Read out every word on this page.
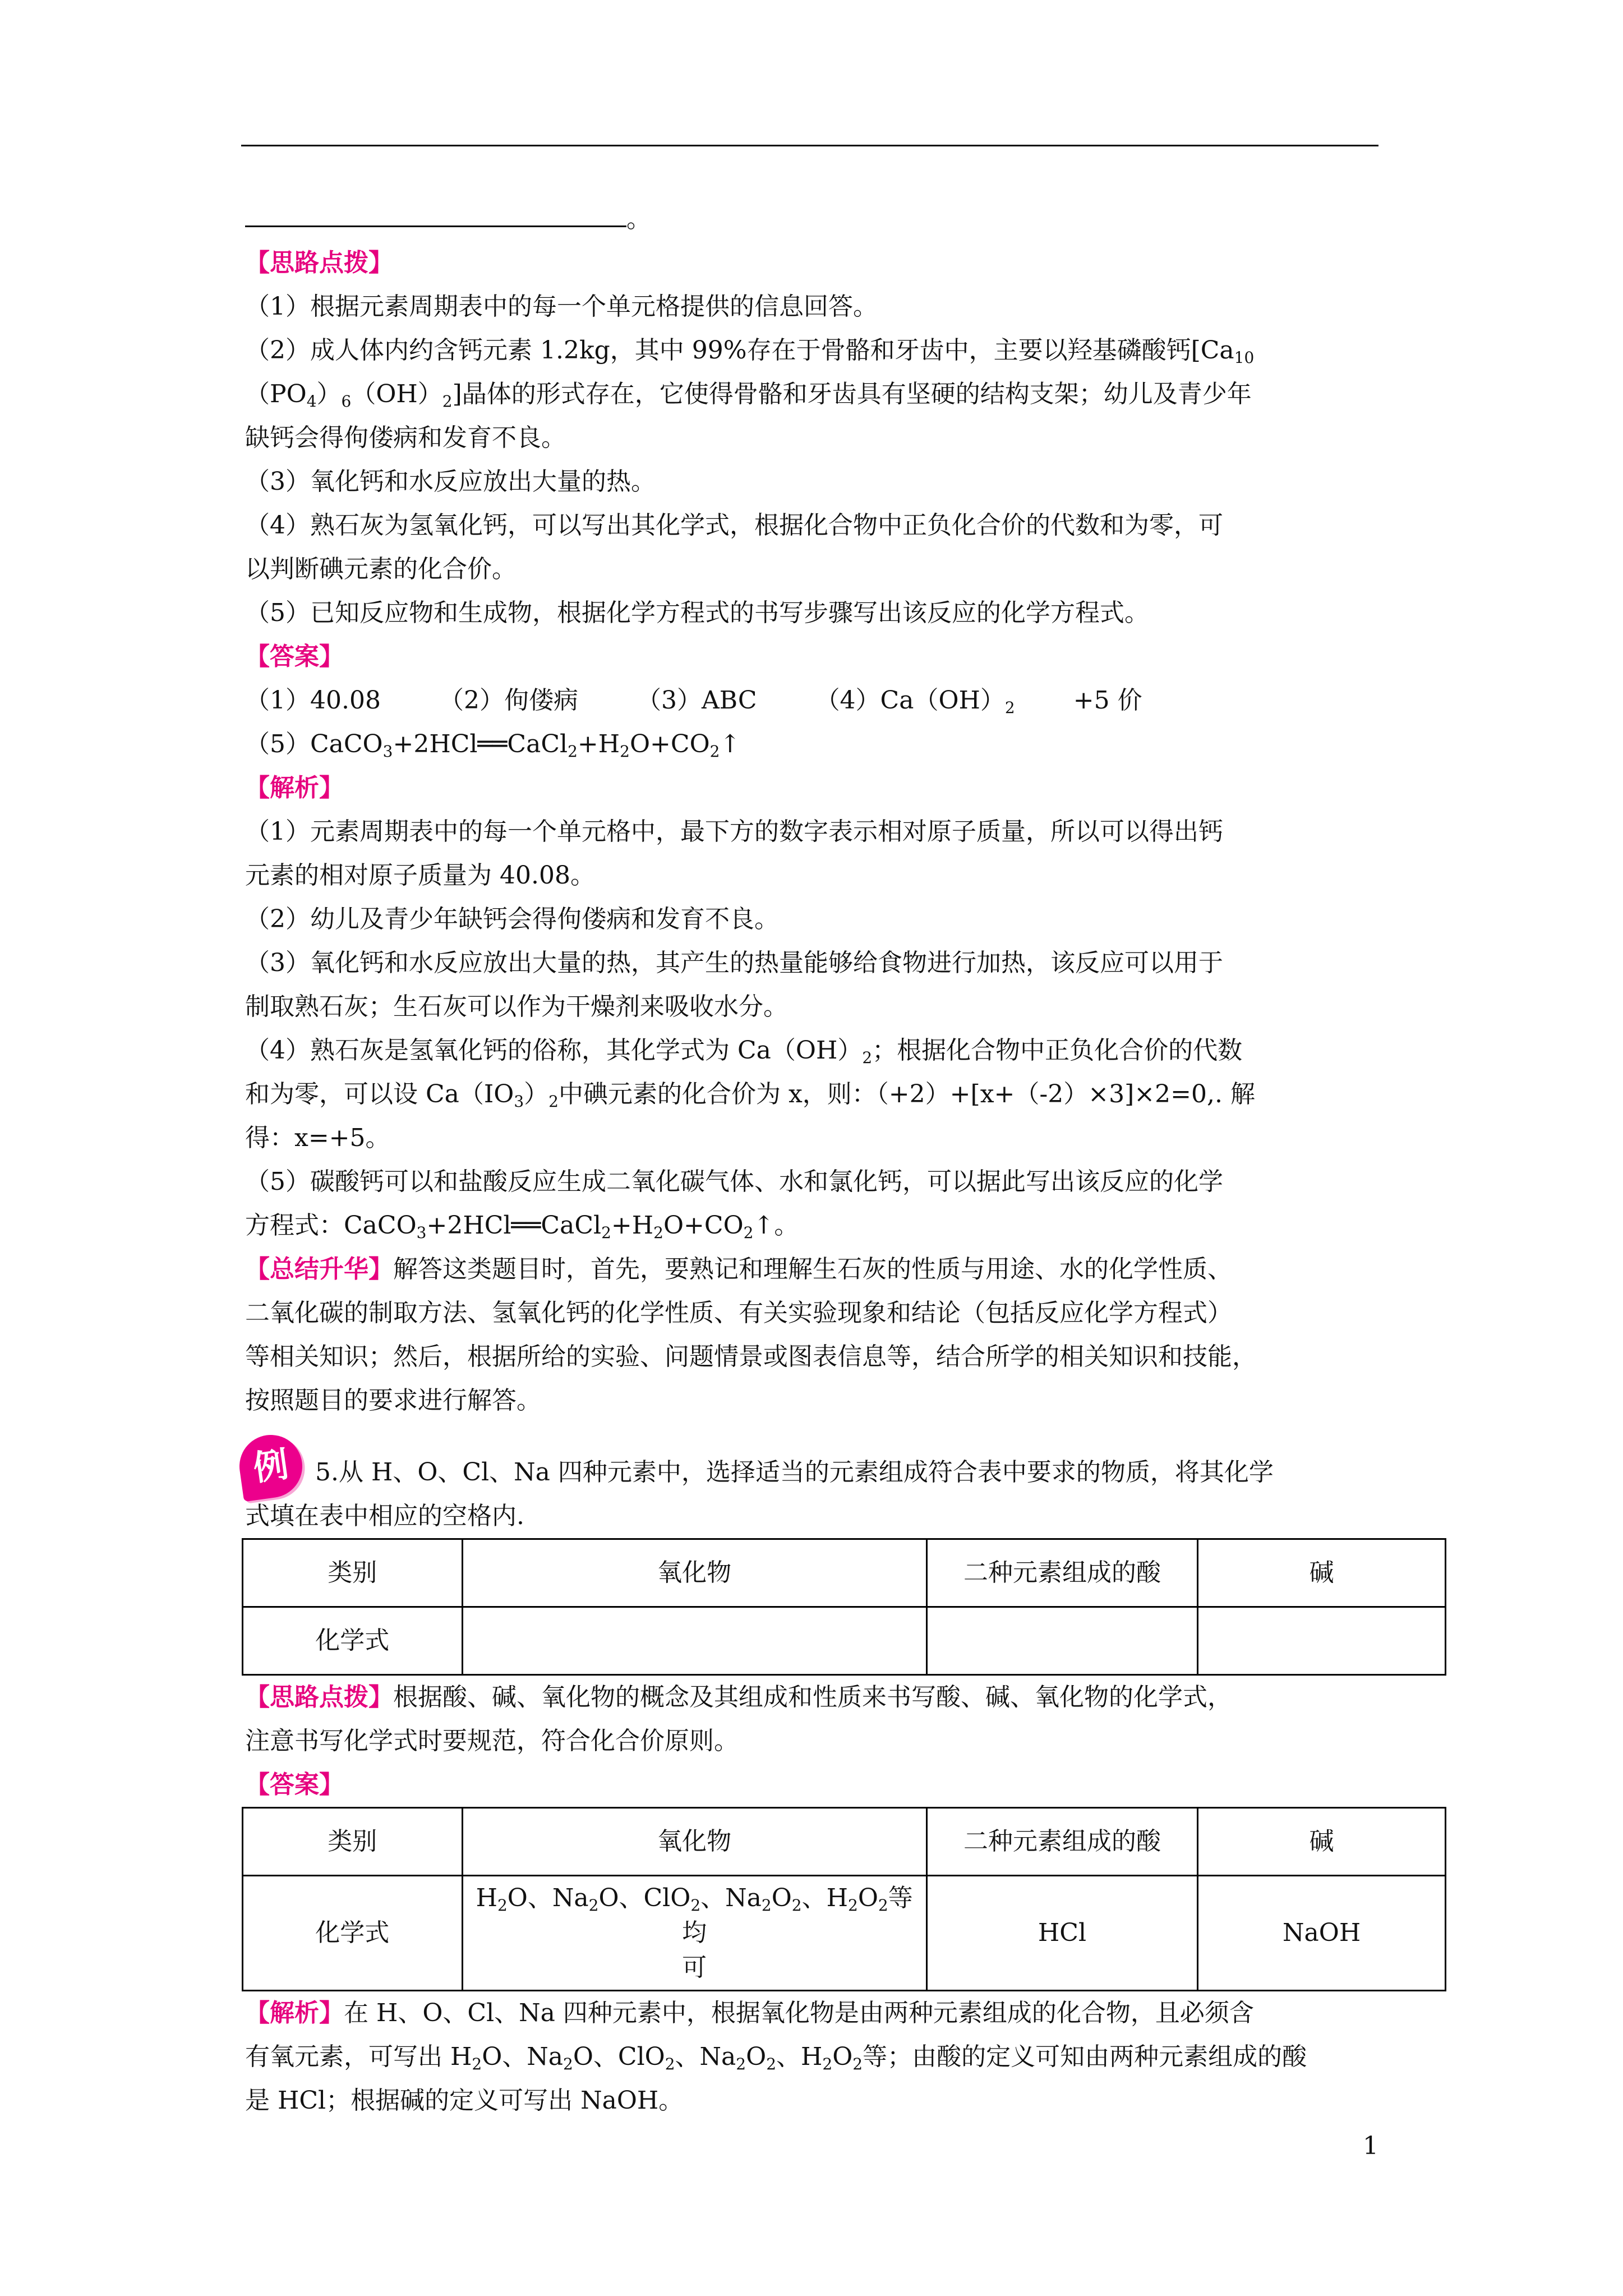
。
【思路点拨】
（1）根据元素周期表中的每一个单元格提供的信息回答。
（2）成人体内约含钙元素 1.2kg，其中 99%存在于骨骼和牙齿中，主要以羟基磷酸钙[$Ca_{10}$
$(PO_4)_6(OH)_2$]晶体的形式存在，它使得骨骼和牙齿具有坚硬的结构支架；幼儿及青少年
缺钙会得佝偻病和发育不良。
（3）氧化钙和水反应放出大量的热。
（4）熟石灰为氢氧化钙，可以写出其化学式，根据化合物中正负化合价的代数和为零，可
以判断碘元素的化合价。
（5）已知反应物和生成物，根据化学方程式的书写步骤写出该反应的化学方程式。
【答案】
（1）40.08 （2）佝偻病 （3）ABC $(4)Ca(OH)_2 +5$ 价
$(5)CaCO_3+2HCl══CaCl_2+H_2O+CO_2↑$
【解析】
（1）元素周期表中的每一个单元格中，最下方的数字表示相对原子质量，所以可以得出钙
元素的相对原子质量为 40.08。
（2）幼儿及青少年缺钙会得佝偻病和发育不良。
（3）氧化钙和水反应放出大量的热，其产生的热量能够给食物进行加热，该反应可以用于
制取熟石灰；生石灰可以作为干燥剂来吸收水分。
（4）熟石灰是氢氧化钙的俗称，其化学式为 $Ca(OH)_2$；根据化合物中正负化合价的代数
和为零，可以设 $Ca(IO_3)_2$中碘元素的化合价为 x，则：（+2）+[x+（-2）×3]×2=0,. 解
得：x=+5。
（5）碳酸钙可以和盐酸反应生成二氧化碳气体、水和氯化钙，可以据此写出该反应的化学
方程式：$CaCO_3+2HCl══CaCl_2+H_2O+CO_2↑$。
【总结升华】解答这类题目时，首先，要熟记和理解生石灰的性质与用途、水的化学性质、
二氧化碳的制取方法、氢氧化钙的化学性质、有关实验现象和结论（包括反应化学方程式）
等相关知识；然后，根据所给的实验、问题情景或图表信息等，结合所学的相关知识和技能，
按照题目的要求进行解答。
例 5.从 H、O、Cl、Na 四种元素中，选择适当的元素组成符合表中要求的物质，将其化学
式填在表中相应的空格内.
类别	氧化物	二种元素组成的酸	碱
化学式			
【思路点拨】根据酸、碱、氧化物的概念及其组成和性质来书写酸、碱、氧化物的化学式，
注意书写化学式时要规范，符合化合价原则。
【答案】
类别	氧化物	二种元素组成的酸	碱
化学式	$H_2O$、$Na_2O$、ClO$_2$、$Na_2O_2$、$H_2O_2$等均
可	HCl	NaOH
【解析】在 H、O、Cl、Na 四种元素中，根据氧化物是由两种元素组成的化合物，且必须含
有氧元素，可写出 $H_2O$、$Na_2O$、ClO$_2$、$Na_2O_2$、$H_2O_2$等；由酸的定义可知由两种元素组成的酸
是 HCl；根据碱的定义可写出 NaOH。
1
